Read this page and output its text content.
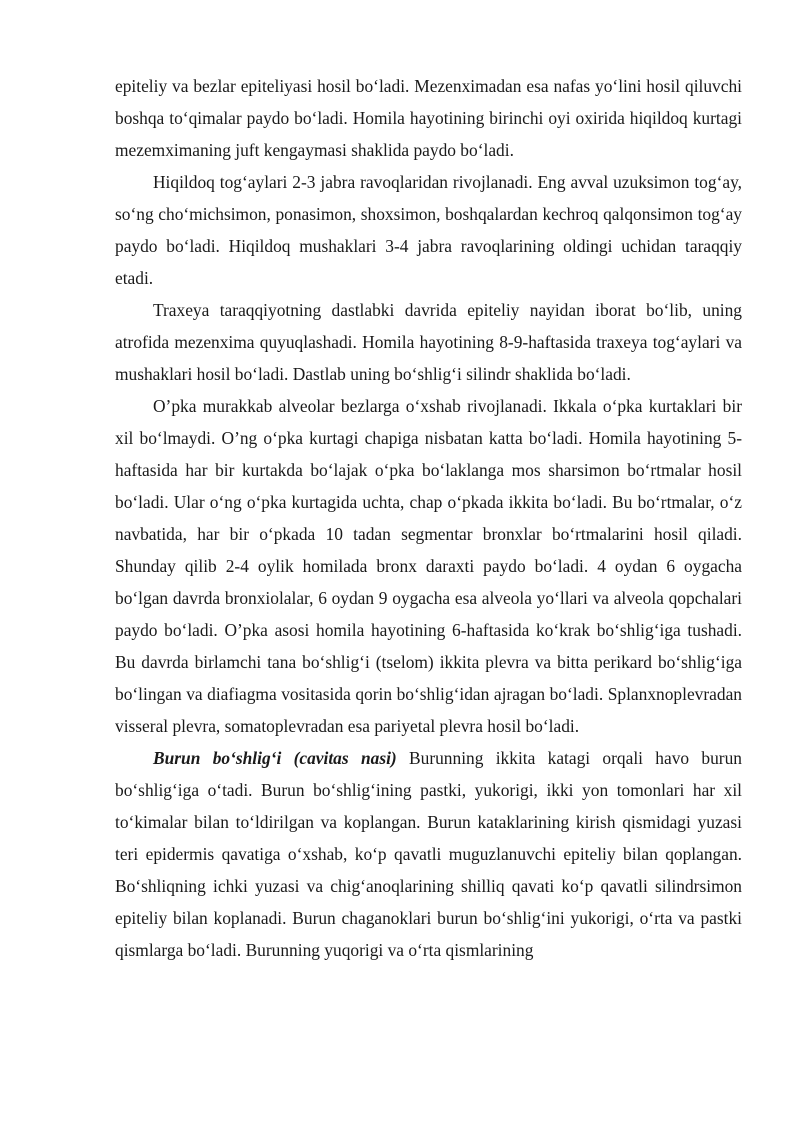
epiteliy va bezlar epiteliyasi hosil boʻladi. Mezenximadan esa nafas yoʻlini hosil qiluvchi boshqa toʻqimalar paydo boʻladi. Homila hayotining birinchi oyi oxirida hiqildoq kurtagi mezemximaning juft kengaymasi shaklida paydo boʻladi.

Hiqildoq togʻaylari 2-3 jabra ravoqlaridan rivojlanadi. Eng avval uzuksimon togʻay, soʻng choʻmichsimon, ponasimon, shoxsimon, boshqalardan kechroq qalqonsimon togʻay paydo boʻladi. Hiqildoq mushaklari 3-4 jabra ravoqlarining oldingi uchidan taraqqiy etadi.

Traxeya taraqqiyotning dastlabki davrida epiteliy nayidan iborat boʻlib, uning atrofida mezenxima quyuqlashadi. Homila hayotining 8-9-haftasida traxeya togʻaylari va mushaklari hosil boʻladi. Dastlab uning boʻshligʻi silindr shaklida boʻladi.

O’pka murakkab alveolar bezlarga oʻxshab rivojlanadi. Ikkala oʻpka kurtaklari bir xil boʻlmaydi. O’ng oʻpka kurtagi chapiga nisbatan katta boʻladi. Homila hayotining 5-haftasida har bir kurtakda boʻlajak oʻpka boʻlaklanga mos sharsimon boʻrtmalar hosil boʻladi. Ular oʻng oʻpka kurtagida uchta, chap oʻpkada ikkita boʻladi. Bu boʻrtmalar, oʻz navbatida, har bir oʻpkada 10 tadan segmentar bronxlar boʻrtmalarini hosil qiladi. Shunday qilib 2-4 oylik homilada bronx daraxti paydo boʻladi. 4 oydan 6 oygacha boʻlgan davrda bronxiolalar, 6 oydan 9 oygacha esa alveola yoʻllari va alveola qopchalari paydo boʻladi. O’pka asosi homila hayotining 6-haftasida koʻkrak boʻshligʻiga tushadi. Bu davrda birlamchi tana boʻshligʻi (tselom) ikkita plevra va bitta perikard boʻshligʻiga boʻlingan va diafiagma vositasida qorin boʻshligʻidan ajragan boʻladi. Splanxnoplevradan visseral plevra, somatoplevradan esa pariyetal plevra hosil boʻladi.

Burun boʻshligʻi (cavitas nasi) Burunning ikkita katagi orqali havo burun boʻshligʻiga oʻtadi. Burun boʻshligʻining pastki, yukorigi, ikki yon tomonlari har xil toʻkimalar bilan toʻldirilgan va koplangan. Burun kataklarining kirish qismidagi yuzasi teri epidermis qavatiga oʻxshab, koʻp qavatli muguzlanuvchi epiteliy bilan qoplangan. Boʻshliqning ichki yuzasi va chigʻanoqlarining shilliq qavati koʻp qavatli silindrsimon epiteliy bilan koplanadi. Burun chaganoklari burun boʻshligʻini yukorigi, oʻrta va pastki qismlarga boʻladi. Burunning yuqorigi va oʻrta qismlarining
